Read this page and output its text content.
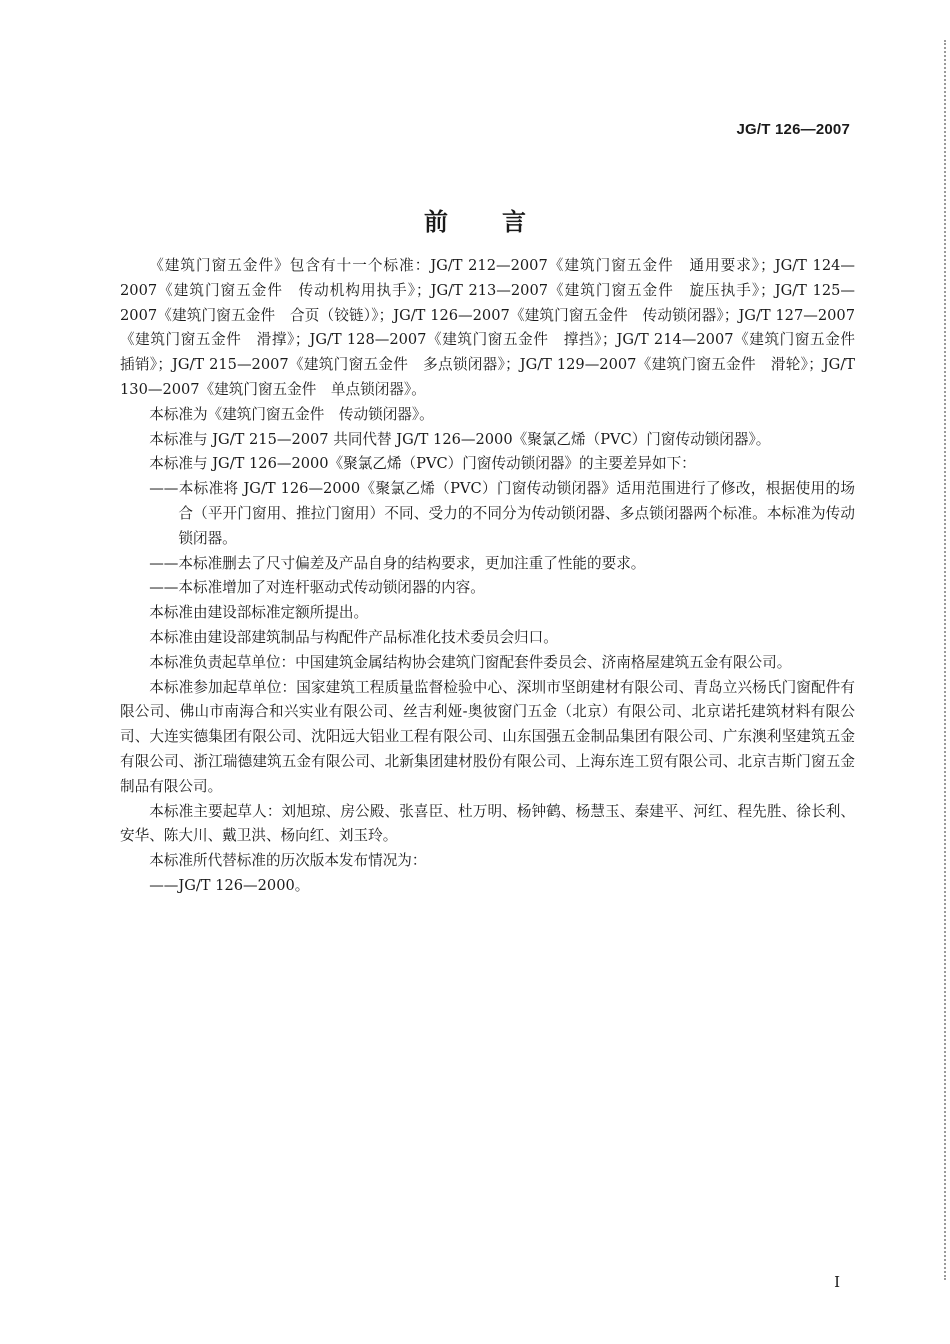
JG/T 126—2007
前 言

《建筑门窗五金件》包含有十一个标准：JG/T 212—2007《建筑门窗五金件　通用要求》；JG/T 124—2007《建筑门窗五金件　传动机构用执手》；JG/T 213—2007《建筑门窗五金件　旋压执手》；JG/T 125—2007《建筑门窗五金件　合页（铰链）》；JG/T 126—2007《建筑门窗五金件　传动锁闭器》；JG/T 127—2007《建筑门窗五金件　滑撑》；JG/T 128—2007《建筑门窗五金件　撑挡》；JG/T 214—2007《建筑门窗五金件　插销》；JG/T 215—2007《建筑门窗五金件　多点锁闭器》；JG/T 129—2007《建筑门窗五金件　滑轮》；JG/T 130—2007《建筑门窗五金件　单点锁闭器》。

本标准为《建筑门窗五金件　传动锁闭器》。

本标准与 JG/T 215—2007 共同代替 JG/T 126—2000《聚氯乙烯（PVC）门窗传动锁闭器》。

本标准与 JG/T 126—2000《聚氯乙烯（PVC）门窗传动锁闭器》的主要差异如下：

——本标准将 JG/T 126—2000《聚氯乙烯（PVC）门窗传动锁闭器》适用范围进行了修改，根据使用的场合（平开门窗用、推拉门窗用）不同、受力的不同分为传动锁闭器、多点锁闭器两个标准。本标准为传动锁闭器。

——本标准删去了尺寸偏差及产品自身的结构要求，更加注重了性能的要求。

——本标准增加了对连杆驱动式传动锁闭器的内容。

本标准由建设部标准定额所提出。

本标准由建设部建筑制品与构配件产品标准化技术委员会归口。

本标准负责起草单位：中国建筑金属结构协会建筑门窗配套件委员会、济南格屋建筑五金有限公司。

本标准参加起草单位：国家建筑工程质量监督检验中心、深圳市坚朗建材有限公司、青岛立兴杨氏门窗配件有限公司、佛山市南海合和兴实业有限公司、丝吉利娅-奥彼窗门五金（北京）有限公司、北京诺托建筑材料有限公司、大连实德集团有限公司、沈阳远大铝业工程有限公司、山东国强五金制品集团有限公司、广东澳利坚建筑五金有限公司、浙江瑞德建筑五金有限公司、北新集团建材股份有限公司、上海东连工贸有限公司、北京吉斯门窗五金制品有限公司。

本标准主要起草人：刘旭琼、房公殿、张喜臣、杜万明、杨钟鹤、杨慧玉、秦建平、河红、程先胜、徐长利、安华、陈大川、戴卫洪、杨向红、刘玉玲。

本标准所代替标准的历次版本发布情况为：

——JG/T 126—2000。

I
